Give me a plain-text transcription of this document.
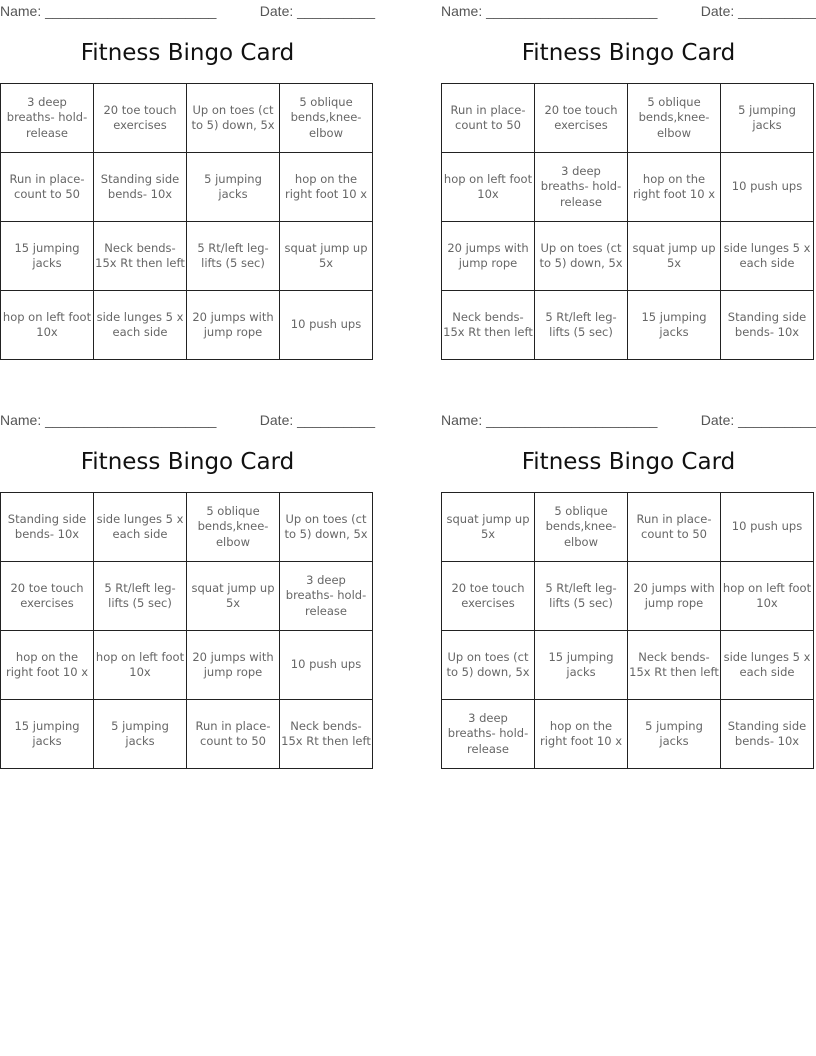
Name: ______________________	Date: __________
Fitness Bingo Card
3 deep breaths- hold- release	20 toe touch exercises	Up on toes (ct to 5) down, 5x	5 oblique bends,knee- elbow
Run in place- count to 50	Standing side bends- 10x	5 jumping jacks	hop on the right foot 10 x
15 jumping jacks	Neck bends-15x Rt then left	5 Rt/left leg- lifts (5 sec)	squat jump up 5x
hop on left foot 10x	side lunges 5 x each side	20 jumps with jump rope	10 push ups
Name: ______________________	Date: __________
Fitness Bingo Card
Run in place- count to 50	20 toe touch exercises	5 oblique bends,knee- elbow	5 jumping jacks
hop on left foot 10x	3 deep breaths- hold- release	hop on the right foot 10 x	10 push ups
20 jumps with jump rope	Up on toes (ct to 5) down, 5x	squat jump up 5x	side lunges 5 x each side
Neck bends-15x Rt then left	5 Rt/left leg- lifts (5 sec)	15 jumping jacks	Standing side bends- 10x
Name: ______________________	Date: __________
Fitness Bingo Card
Standing side bends- 10x	side lunges 5 x each side	5 oblique bends,knee- elbow	Up on toes (ct to 5) down, 5x
20 toe touch exercises	5 Rt/left leg- lifts (5 sec)	squat jump up 5x	3 deep breaths- hold- release
hop on the right foot 10 x	hop on left foot 10x	20 jumps with jump rope	10 push ups
15 jumping jacks	5 jumping jacks	Run in place- count to 50	Neck bends-15x Rt then left
Name: ______________________	Date: __________
Fitness Bingo Card
squat jump up 5x	5 oblique bends,knee- elbow	Run in place- count to 50	10 push ups
20 toe touch exercises	5 Rt/left leg- lifts (5 sec)	20 jumps with jump rope	hop on left foot 10x
Up on toes (ct to 5) down, 5x	15 jumping jacks	Neck bends-15x Rt then left	side lunges 5 x each side
3 deep breaths- hold- release	hop on the right foot 10 x	5 jumping jacks	Standing side bends- 10x
